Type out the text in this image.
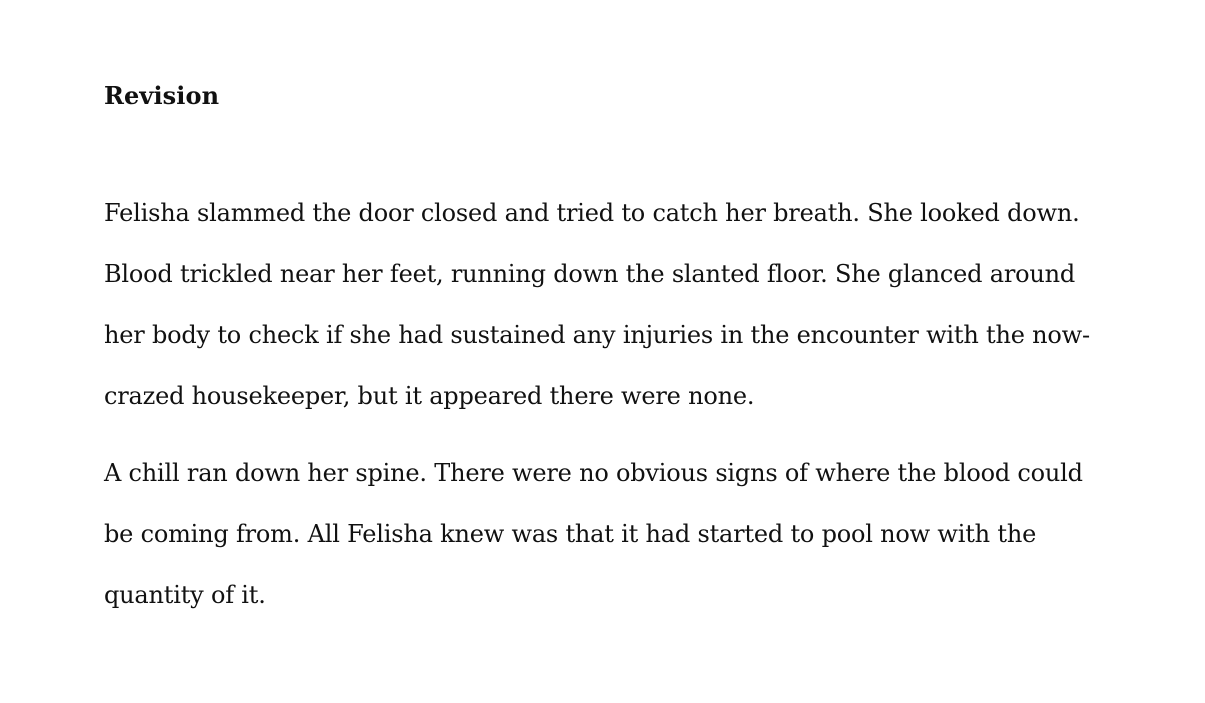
Revision

Felisha slammed the door closed and tried to catch her breath. She looked down. Blood trickled near her feet, running down the slanted floor. She glanced around her body to check if she had sustained any injuries in the encounter with the now-crazed housekeeper, but it appeared there were none.

A chill ran down her spine. There were no obvious signs of where the blood could be coming from. All Felisha knew was that it had started to pool now with the quantity of it.
